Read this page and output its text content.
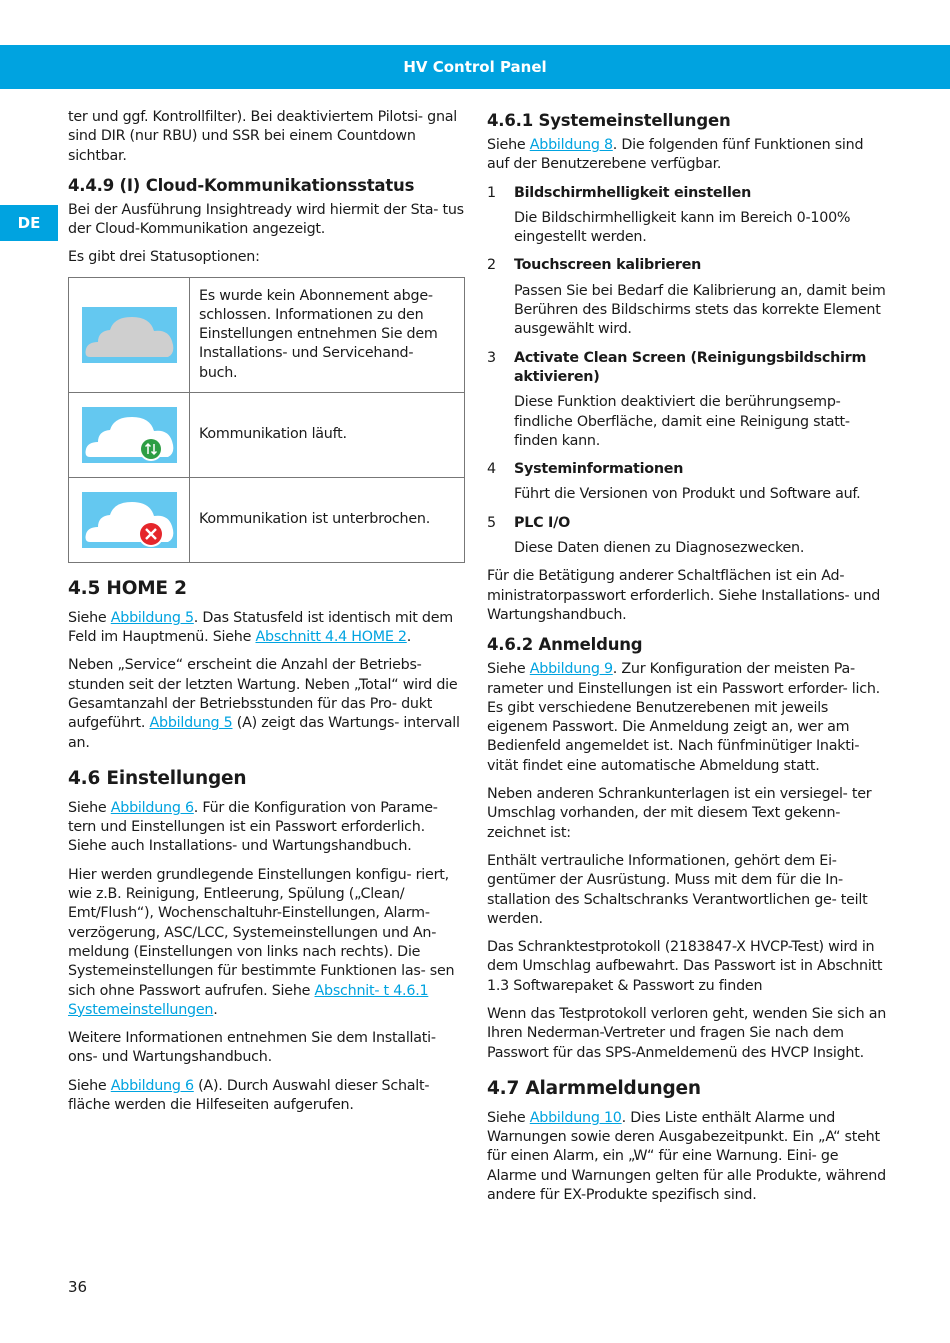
HV Control Panel
DE

ter und ggf. Kontrollfilter). Bei deaktiviertem Pilotsi- gnal sind DIR (nur RBU) und SSR bei einem Countdown sichtbar.

4.4.9 (I) Cloud-Kommunikationsstatus

Bei der Ausführung Insightready wird hiermit der Sta- tus der Cloud-Kommunikation angezeigt.

Es gibt drei Statusoptionen:

	Es wurde kein Abonnement abge- schlossen. Informationen zu den Einstellungen entnehmen Sie dem Installations- und Servicehand- buch.

	Kommunikation läuft.

	Kommunikation ist unterbrochen.
4.5 HOME 2

Siehe Abbildung 5. Das Statusfeld ist identisch mit dem Feld im Hauptmenü. Siehe Abschnitt 4.4 HOME 2.

Neben „Service“ erscheint die Anzahl der Betriebs- stunden seit der letzten Wartung. Neben „Total“ wird die Gesamtanzahl der Betriebsstunden für das Pro- dukt aufgeführt. Abbildung 5 (A) zeigt das Wartungs- intervall an.

4.6 Einstellungen

Siehe Abbildung 6. Für die Konfiguration von Parame- tern und Einstellungen ist ein Passwort erforderlich. Siehe auch Installations- und Wartungshandbuch.

Hier werden grundlegende Einstellungen konfigu- riert, wie z.B. Reinigung, Entleerung, Spülung („Clean/ Emt/Flush“), Wochenschaltuhr-Einstellungen, Alarm- verzögerung, ASC/LCC, Systemeinstellungen und An- meldung (Einstellungen von links nach rechts). Die Systemeinstellungen für bestimmte Funktionen las- sen sich ohne Passwort aufrufen. Siehe Abschnit- t 4.6.1 Systemeinstellungen.

Weitere Informationen entnehmen Sie dem Installati- ons- und Wartungshandbuch.

Siehe Abbildung 6 (A). Durch Auswahl dieser Schalt- fläche werden die Hilfeseiten aufgerufen.

4.6.1 Systemeinstellungen

Siehe Abbildung 8. Die folgenden fünf Funktionen sind auf der Benutzerebene verfügbar.

1	Bildschirmhelligkeit einstellen
Die Bildschirmhelligkeit kann im Bereich 0-100% eingestellt werden.
2	Touchscreen kalibrieren
Passen Sie bei Bedarf die Kalibrierung an, damit beim Berühren des Bildschirms stets das korrekte Element ausgewählt wird.
3	Activate Clean Screen (Reinigungsbildschirm aktivieren)
Diese Funktion deaktiviert die berührungsemp- findliche Oberfläche, damit eine Reinigung statt- finden kann.
4	Systeminformationen
Führt die Versionen von Produkt und Software auf.
5	PLC I/O
Diese Daten dienen zu Diagnosezwecken.

Für die Betätigung anderer Schaltflächen ist ein Ad- ministratorpasswort erforderlich. Siehe Installations- und Wartungshandbuch.

4.6.2 Anmeldung

Siehe Abbildung 9. Zur Konfiguration der meisten Pa- rameter und Einstellungen ist ein Passwort erforder- lich. Es gibt verschiedene Benutzerebenen mit jeweils eigenem Passwort. Die Anmeldung zeigt an, wer am Bedienfeld angemeldet ist. Nach fünfminütiger Inakti- vität findet eine automatische Abmeldung statt.

Neben anderen Schrankunterlagen ist ein versiegel- ter Umschlag vorhanden, der mit diesem Text gekenn- zeichnet ist:

Enthält vertrauliche Informationen, gehört dem Ei- gentümer der Ausrüstung. Muss mit dem für die In- stallation des Schaltschranks Verantwortlichen ge- teilt werden.

Das Schranktestprotokoll (2183847-X HVCP-Test) wird in dem Umschlag aufbewahrt. Das Passwort ist in Abschnitt 1.3 Softwarepaket & Passwort zu finden

Wenn das Testprotokoll verloren geht, wenden Sie sich an Ihren Nederman-Vertreter und fragen Sie nach dem Passwort für das SPS-Anmeldemenü des HVCP Insight.

4.7 Alarmmeldungen

Siehe Abbildung 10. Dies Liste enthält Alarme und Warnungen sowie deren Ausgabezeitpunkt. Ein „A“ steht für einen Alarm, ein „W“ für eine Warnung. Eini- ge Alarme und Warnungen gelten für alle Produkte, während andere für EX-Produkte spezifisch sind.

36
